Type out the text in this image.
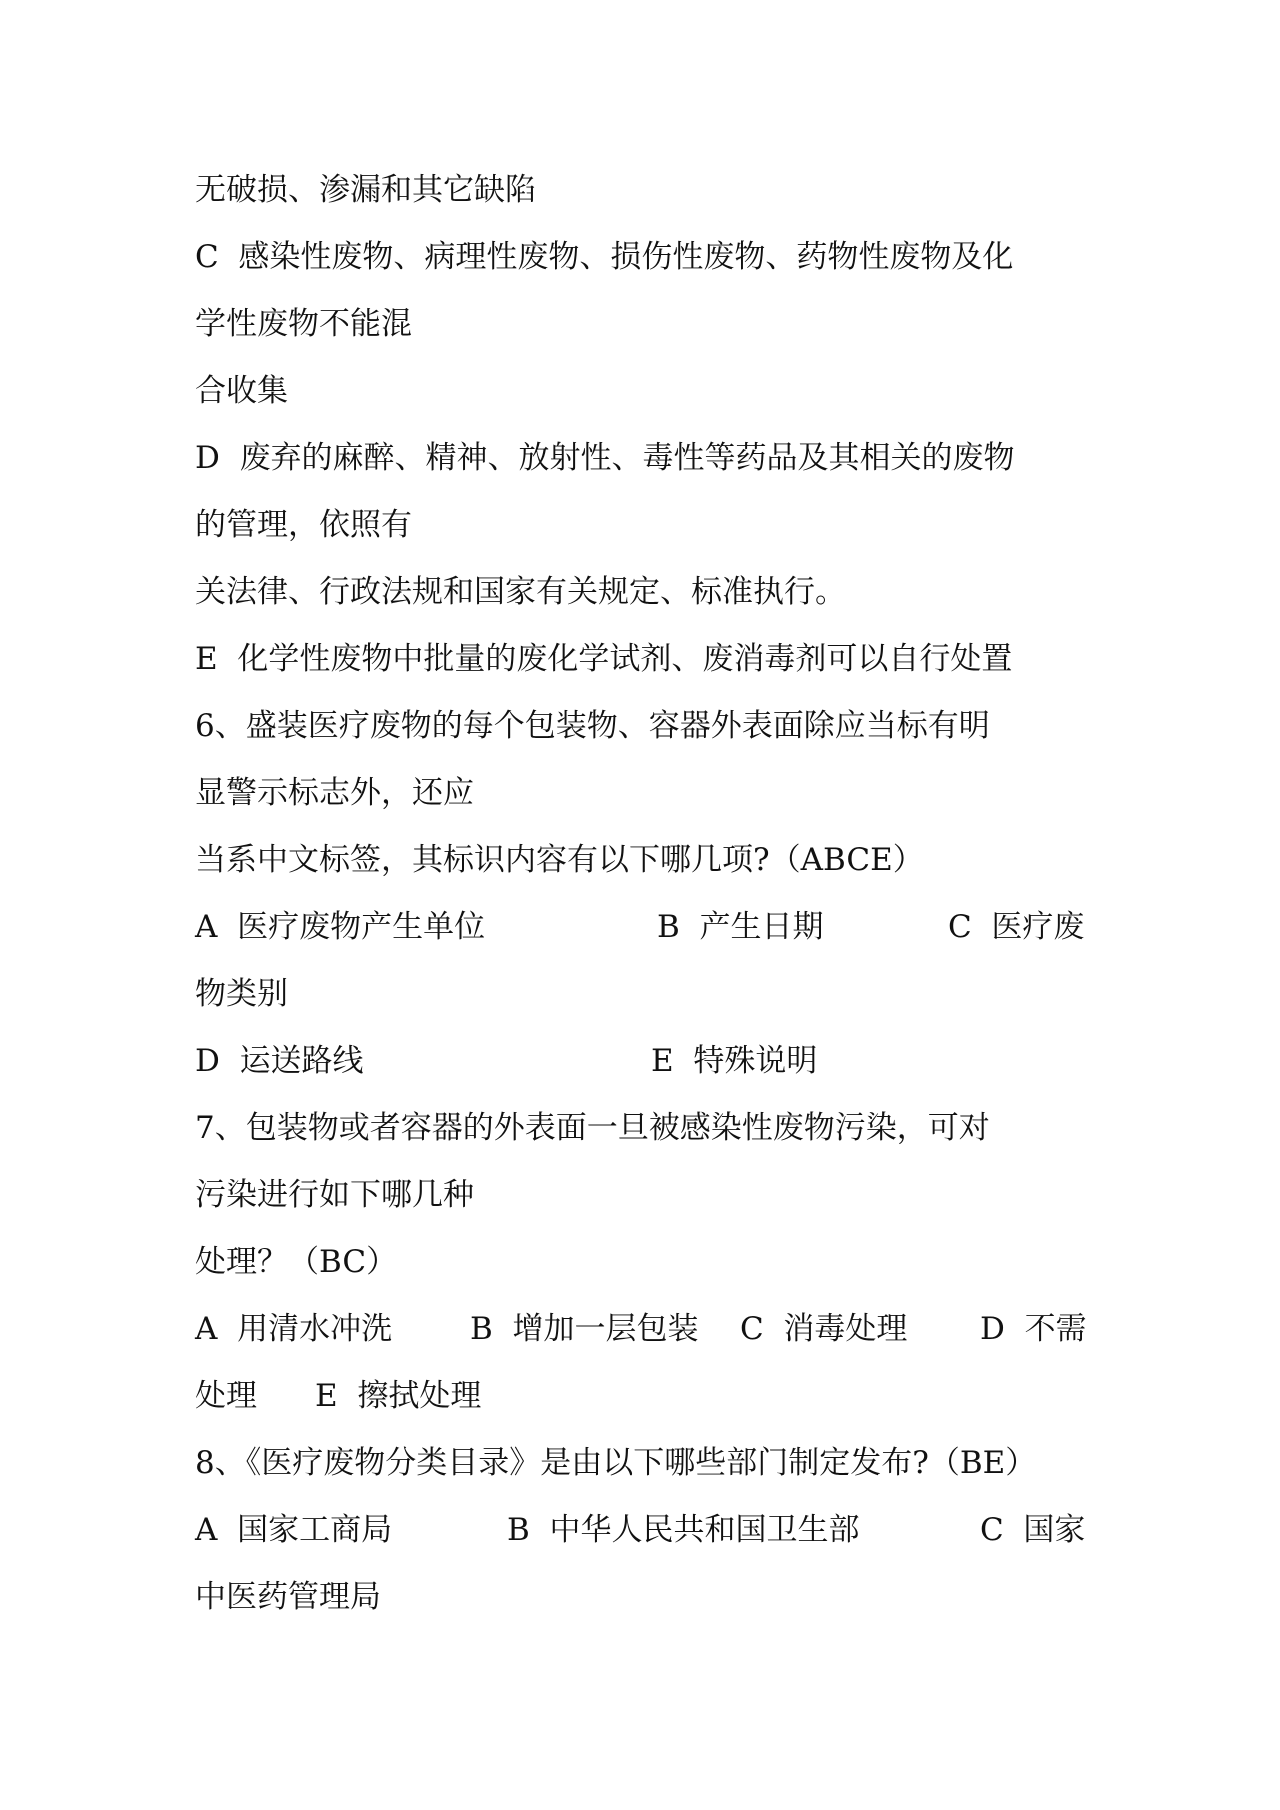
无破损、渗漏和其它缺陷
C  感染性废物、病理性废物、损伤性废物、药物性废物及化
学性废物不能混
合收集
D  废弃的麻醉、精神、放射性、毒性等药品及其相关的废物
的管理，依照有
关法律、行政法规和国家有关规定、标准执行。
E  化学性废物中批量的废化学试剂、废消毒剂可以自行处置
6、盛装医疗废物的每个包装物、容器外表面除应当标有明
显警示标志外，还应
当系中文标签，其标识内容有以下哪几项?（ABCE）
A  医疗废物产生单位	B  产生日期	C  医疗废
物类别
D  运送路线	E  特殊说明
7、包装物或者容器的外表面一旦被感染性废物污染，可对
污染进行如下哪几种
处理？（BC）
A  用清水冲洗	B  增加一层包装 C  消毒处理 D  不需
处理 E  擦拭处理
8、《医疗废物分类目录》是由以下哪些部门制定发布?（BE）
A  国家工商局	B  中华人民共和国卫生部	C  国家
中医药管理局
